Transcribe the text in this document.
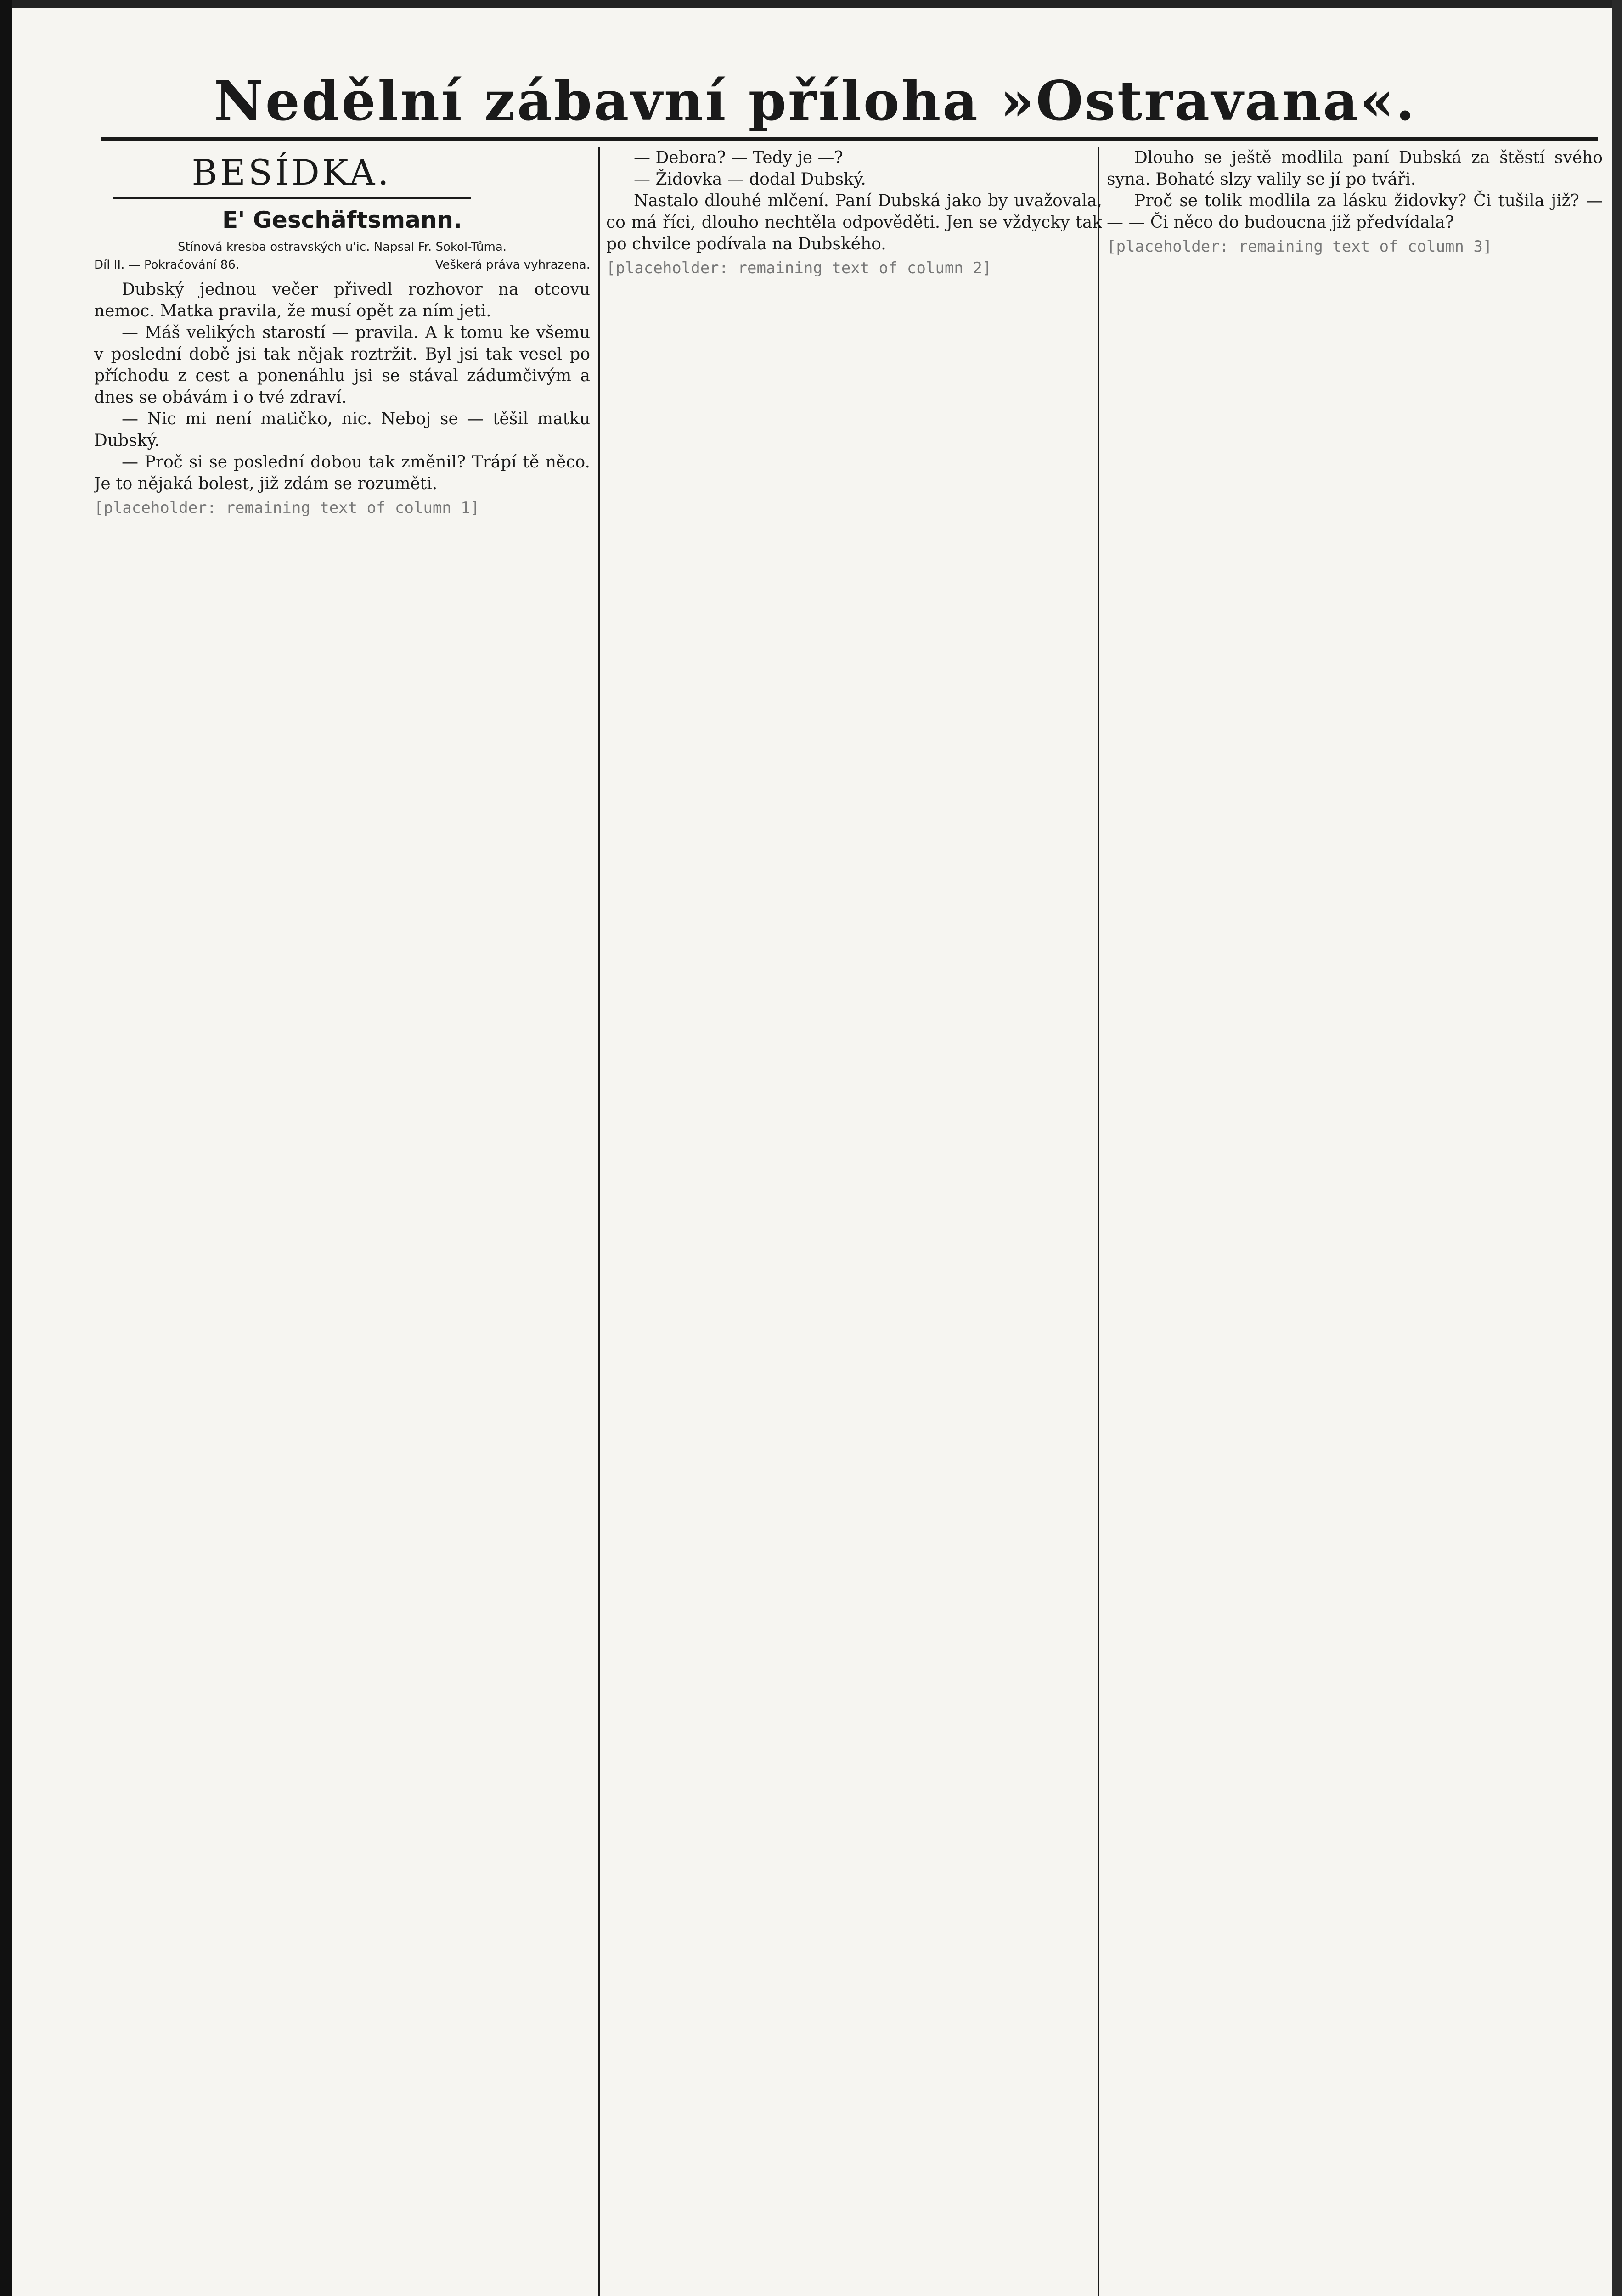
Nedělní zábavní příloha »Ostravana«.
BESÍDKA.
E' Geschäftsmann.
Stínová kresba ostravských u'ic. Napsal Fr. Sokol-Tůma.
Díl II. — Pokračování 86.	Veškerá práva vyhrazena.

Dubský jednou večer přivedl rozhovor na otcovu nemoc. Matka pravila, že musí opět za ním jeti.

— Máš velikých starostí — pravila. A k tomu ke všemu v poslední době jsi tak nějak roztržit. Byl jsi tak vesel po příchodu z cest a ponenáhlu jsi se stával zádumčivým a dnes se obávám i o tvé zdraví.

— Nic mi není matičko, nic. Neboj se — těšil matku Dubský.

— Proč si se poslední dobou tak změnil? Trápí tě něco. Je to nějaká bolest, již zdám se rozuměti.

[placeholder: remaining text of column 1]

— Debora? — Tedy je —?

— Židovka — dodal Dubský.

Nastalo dlouhé mlčení. Paní Dubská jako by uvažovala, co má říci, dlouho nechtěla odpověděti. Jen se vždycky tak po chvilce podívala na Dubského.

[placeholder: remaining text of column 2]

Dlouho se ještě modlila paní Dubská za štěstí svého syna. Bohaté slzy valily se jí po tváři.

Proč se tolik modlila za lásku židovky? Či tušila již? — — — Či něco do budoucna již předvídala?

[placeholder: remaining text of column 3]
